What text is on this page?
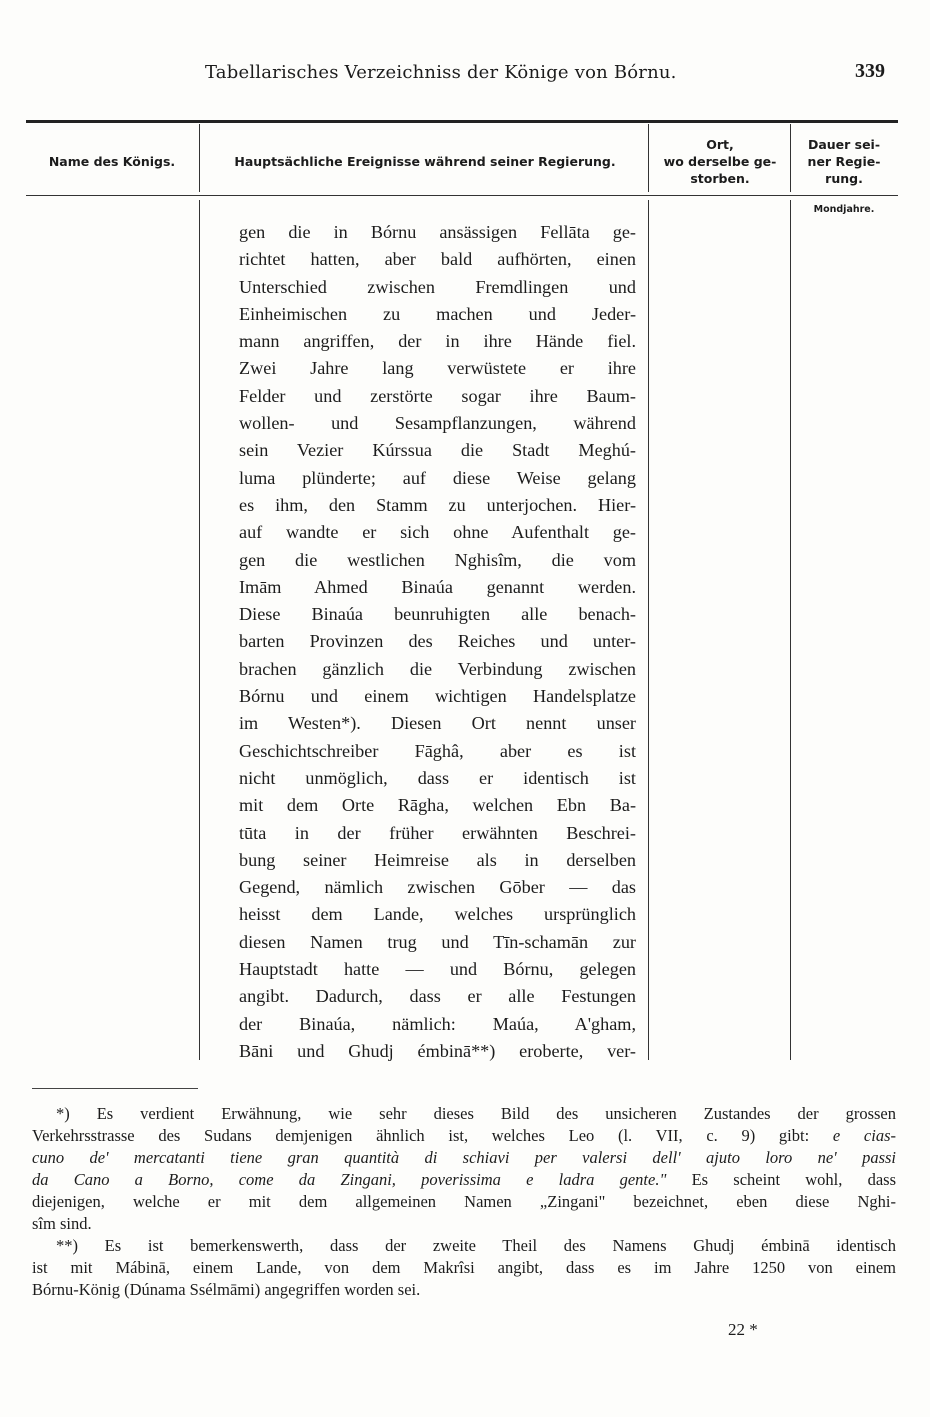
Tabellarisches Verzeichniss der Könige von Bórnu.	339
Name des Königs.	Hauptsächliche Ereignisse während seiner Regierung.
Ort,
wo derselbe ge-
storben.
Dauer sei-
ner Regie-
rung.
Mondjahre.
gen die in Bórnu ansässigen Fellāta ge-
richtet hatten, aber bald aufhörten, einen
Unterschied zwischen Fremdlingen und
Einheimischen zu machen und Jeder-
mann angriffen, der in ihre Hände fiel.
Zwei Jahre lang verwüstete er ihre
Felder und zerstörte sogar ihre Baum-
wollen- und Sesampflanzungen, während
sein Vezier Kúrssua die Stadt Meghú-
luma plünderte; auf diese Weise gelang
es ihm, den Stamm zu unterjochen. Hier-
auf wandte er sich ohne Aufenthalt ge-
gen die westlichen Nghisîm, die vom
Imām Ahmed Binaúa genannt werden.
Diese Binaúa beunruhigten alle benach-
barten Provinzen des Reiches und unter-
brachen gänzlich die Verbindung zwischen
Bórnu und einem wichtigen Handelsplatze
im Westen*). Diesen Ort nennt unser
Geschichtschreiber Fāghâ, aber es ist
nicht unmöglich, dass er identisch ist
mit dem Orte Rāgha, welchen Ebn Ba-
tūta in der früher erwähnten Beschrei-
bung seiner Heimreise als in derselben
Gegend, nämlich zwischen Gōber — das
heisst dem Lande, welches ursprünglich
diesen Namen trug und Tīn-schamān zur
Hauptstadt hatte — und Bórnu, gelegen
angibt. Dadurch, dass er alle Festungen
der Binaúa, nämlich: Maúa, A'gham,
Bāni und Ghudj émbinā**) eroberte, ver-
*) Es verdient Erwähnung, wie sehr dieses Bild des unsicheren Zustandes der grossen
Verkehrsstrasse des Sudans demjenigen ähnlich ist, welches Leo (l. VII, c. 9) gibt: e cias-
cuno de' mercatanti tiene gran quantità di schiavi per valersi dell' ajuto loro ne' passi
da Cano a Borno, come da Zingani, poverissima e ladra gente." Es scheint wohl, dass
diejenigen, welche er mit dem allgemeinen Namen „Zingani" bezeichnet, eben diese Nghi-
sîm sind.
**) Es ist bemerkenswerth, dass der zweite Theil des Namens Ghudj émbinā identisch
ist mit Mábinā, einem Lande, von dem Makrîsi angibt, dass es im Jahre 1250 von einem
Bórnu-König (Dúnama Ssélmāmi) angegriffen worden sei.
22 *
